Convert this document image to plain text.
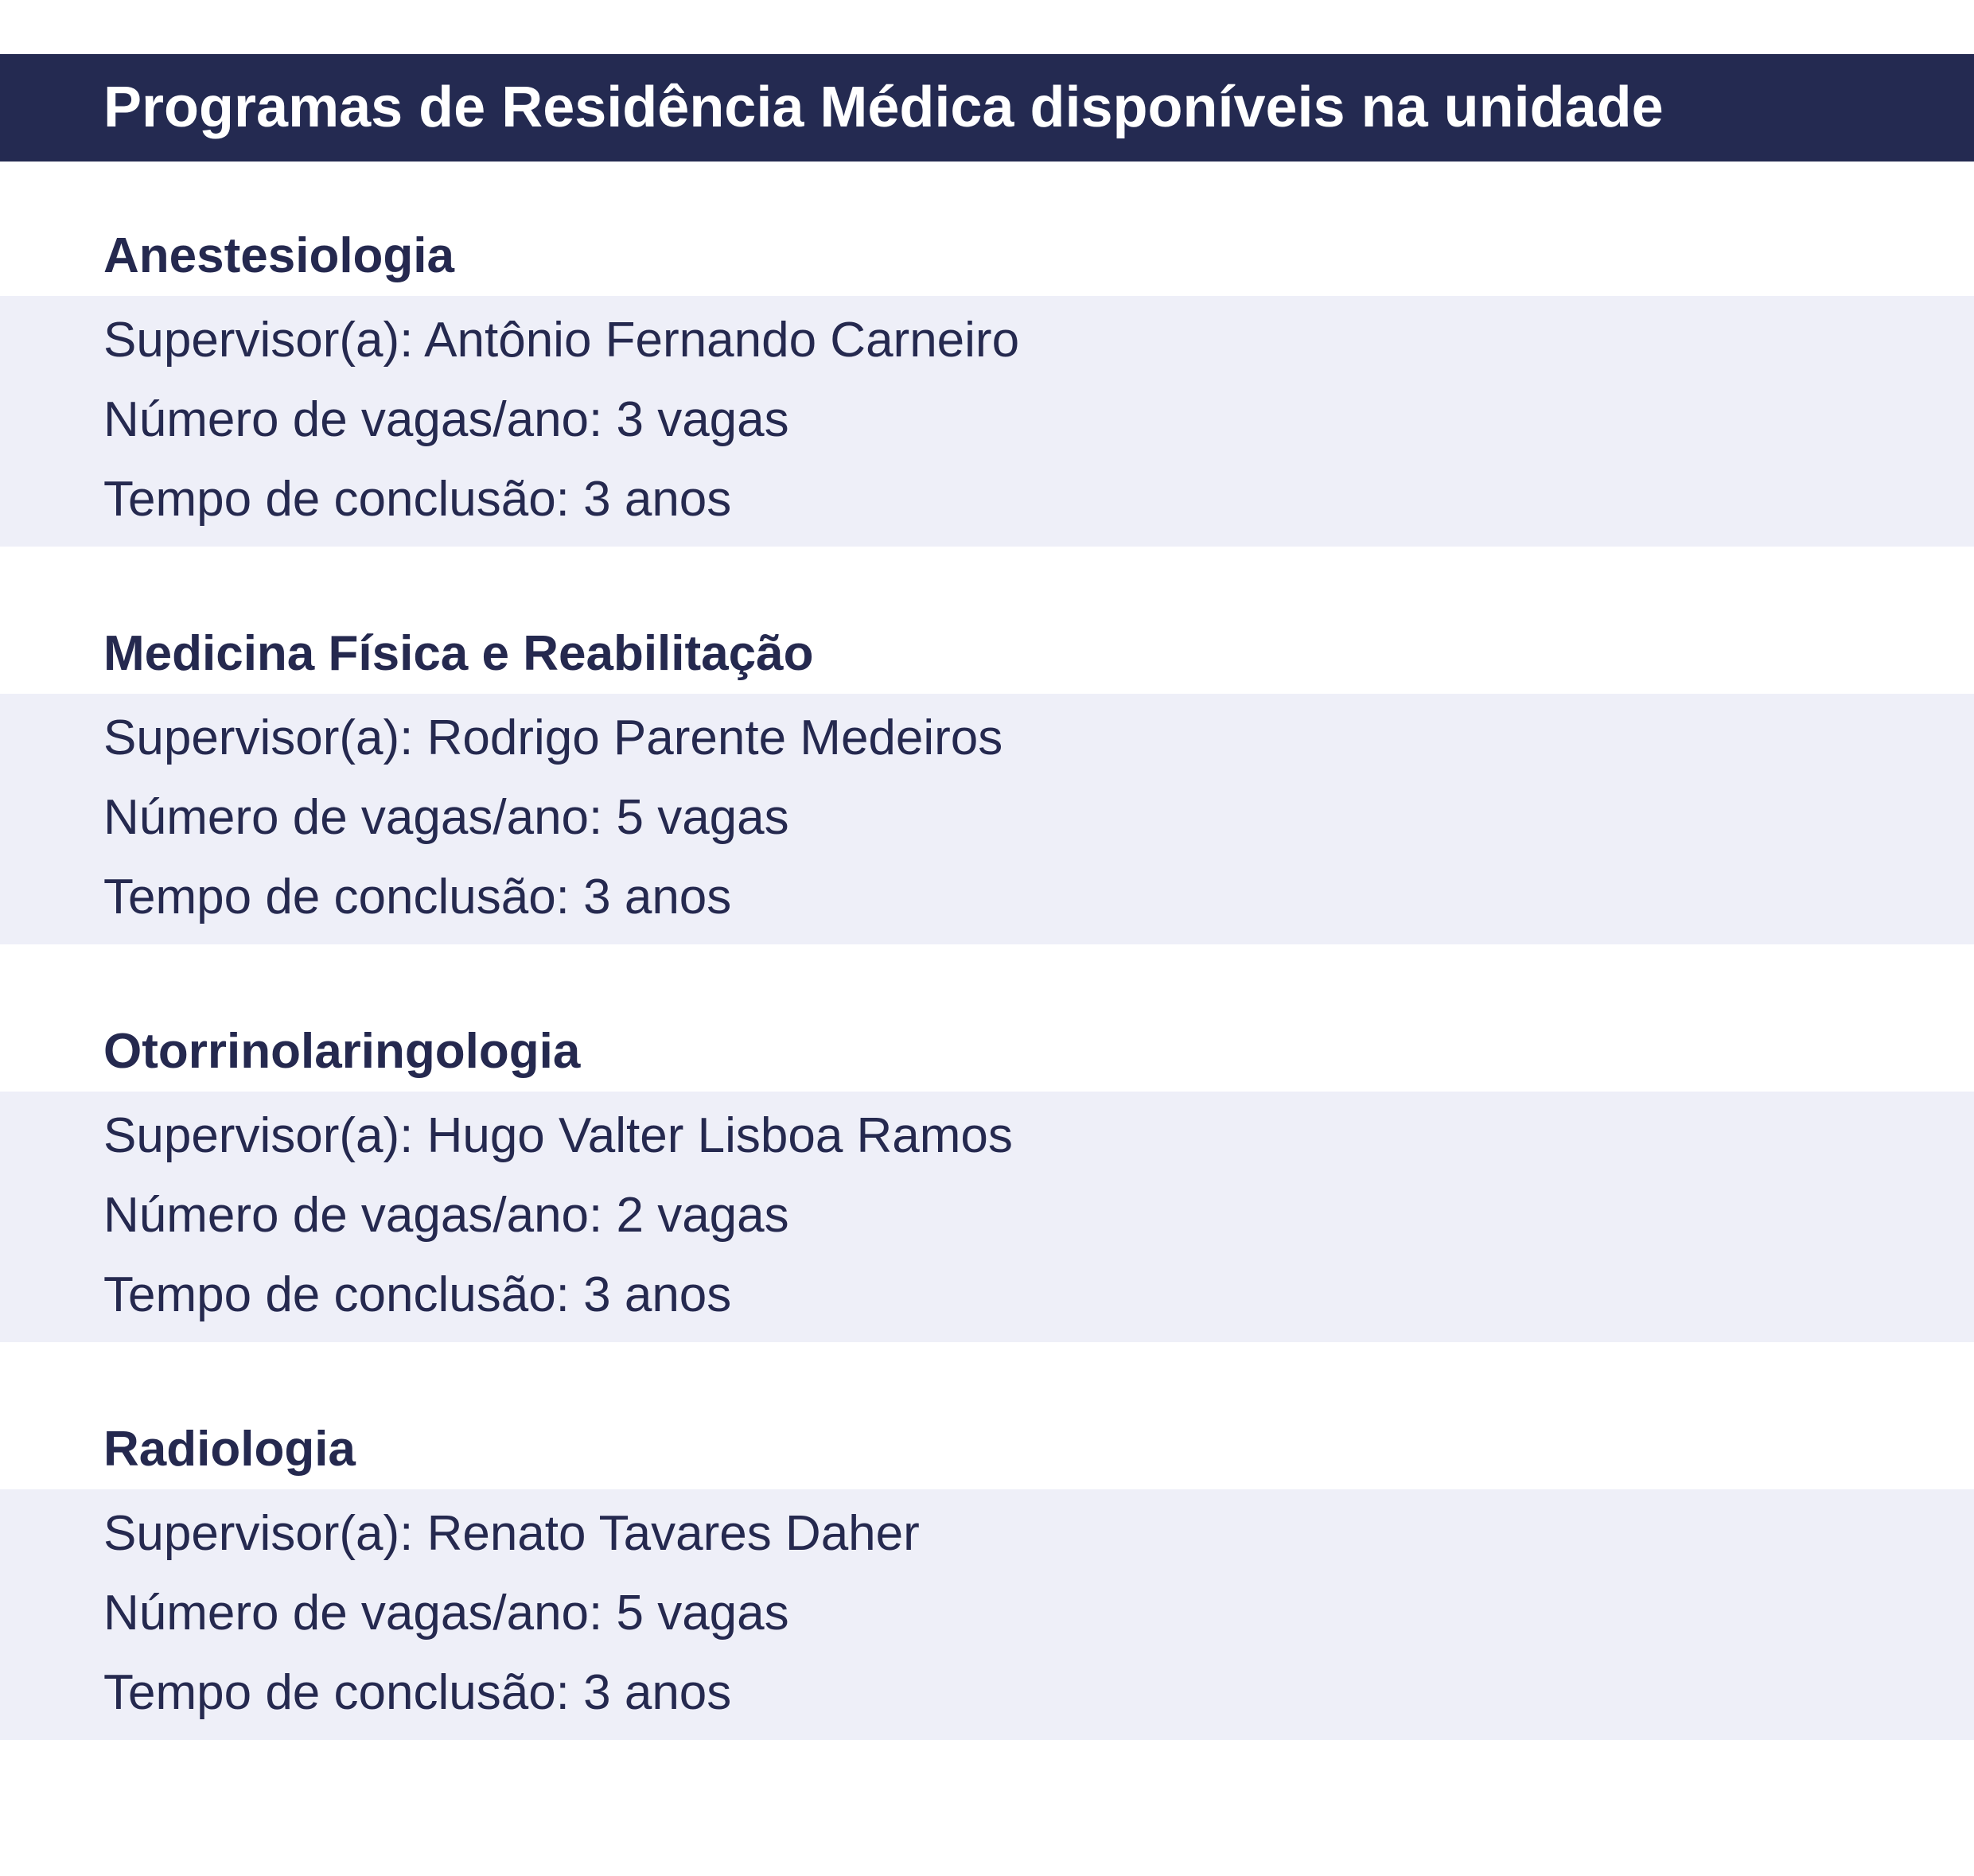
Programas de Residência Médica disponíveis na unidade
Anestesiologia
Supervisor(a): Antônio Fernando Carneiro
Número de vagas/ano: 3 vagas
Tempo de conclusão: 3 anos
Medicina Física e Reabilitação
Supervisor(a): Rodrigo Parente Medeiros
Número de vagas/ano: 5 vagas
Tempo de conclusão: 3 anos
Otorrinolaringologia
Supervisor(a): Hugo Valter Lisboa Ramos
Número de vagas/ano: 2 vagas
Tempo de conclusão: 3 anos
Radiologia
Supervisor(a): Renato Tavares Daher
Número de vagas/ano: 5 vagas
Tempo de conclusão: 3 anos
